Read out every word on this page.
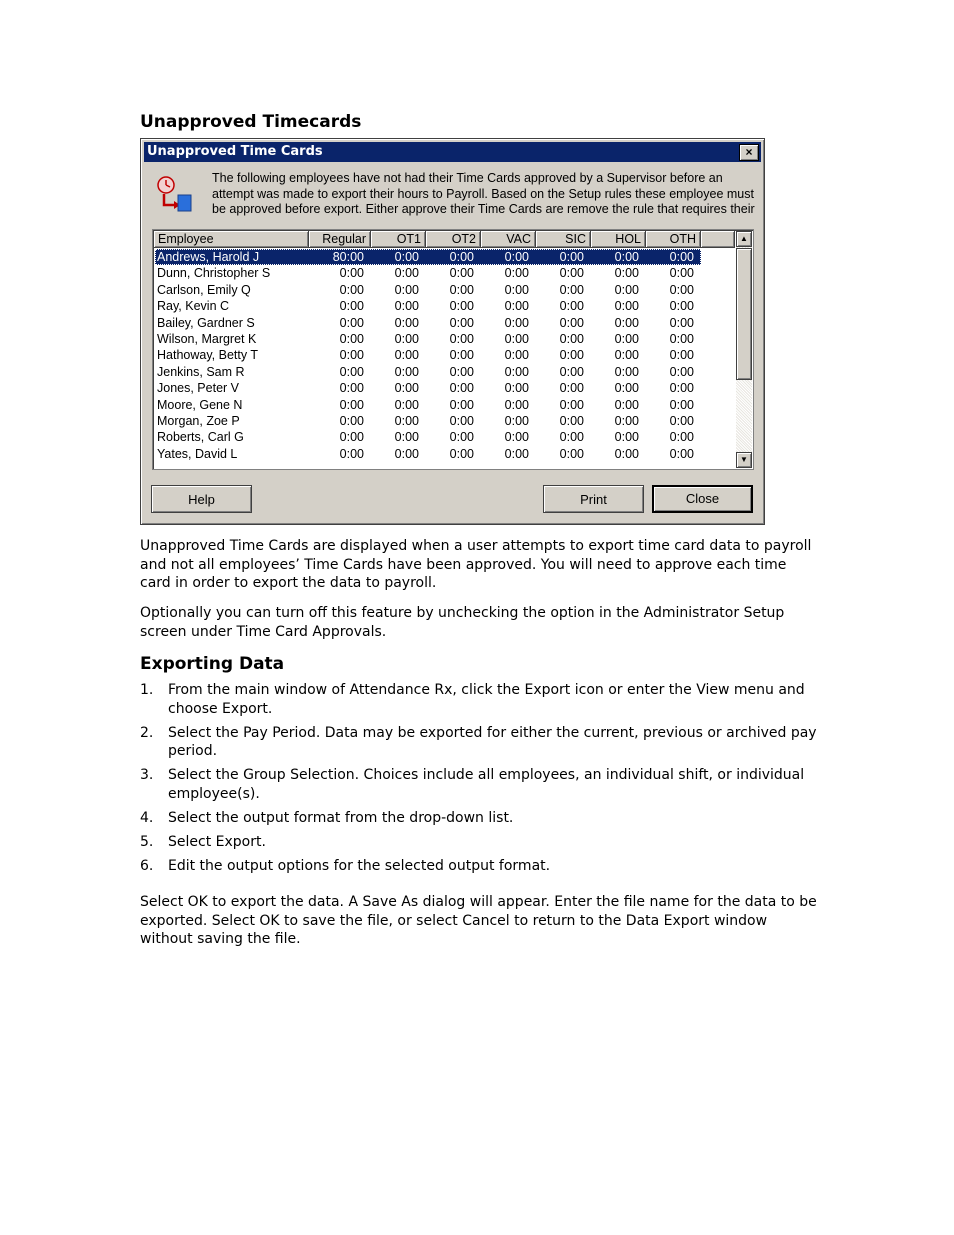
Unapproved Timecards
Unapproved Time Cards	×
The following employees have not had their Time Cards approved by a Supervisor before an
attempt was made to export their hours to Payroll. Based on the Setup rules these employee must
be approved before export. Either approve their Time Cards are remove the rule that requires their
▲
▼
Employee	Regular	OT1	OT2	VAC	SIC	HOL	OTH
Andrews, Harold J	80:00	0:00	0:00	0:00	0:00	0:00	0:00
Dunn, Christopher S	0:00	0:00	0:00	0:00	0:00	0:00	0:00
Carlson, Emily Q	0:00	0:00	0:00	0:00	0:00	0:00	0:00
Ray, Kevin C	0:00	0:00	0:00	0:00	0:00	0:00	0:00
Bailey, Gardner S	0:00	0:00	0:00	0:00	0:00	0:00	0:00
Wilson, Margret K	0:00	0:00	0:00	0:00	0:00	0:00	0:00
Hathoway, Betty T	0:00	0:00	0:00	0:00	0:00	0:00	0:00
Jenkins, Sam R	0:00	0:00	0:00	0:00	0:00	0:00	0:00
Jones, Peter V	0:00	0:00	0:00	0:00	0:00	0:00	0:00
Moore, Gene N	0:00	0:00	0:00	0:00	0:00	0:00	0:00
Morgan, Zoe P	0:00	0:00	0:00	0:00	0:00	0:00	0:00
Roberts, Carl G	0:00	0:00	0:00	0:00	0:00	0:00	0:00
Yates, David L	0:00	0:00	0:00	0:00	0:00	0:00	0:00
Help	Print	Close

Unapproved Time Cards are displayed when a user attempts to export time card data to payroll and not all employees’ Time Cards have been approved. You will need to approve each time card in order to export the data to payroll.

Optionally you can turn off this feature by unchecking the option in the Administrator Setup screen under Time Card Approvals.

Exporting Data
1. From the main window of Attendance Rx, click the Export icon or enter the View menu and choose Export.
2. Select the Pay Period. Data may be exported for either the current, previous or archived pay period.
3. Select the Group Selection. Choices include all employees, an individual shift, or individual employee(s).
4. Select the output format from the drop-down list.
5. Select Export.
6. Edit the output options for the selected output format.

Select OK to export the data. A Save As dialog will appear. Enter the file name for the data to be exported. Select OK to save the file, or select Cancel to return to the Data Export window without saving the file.
